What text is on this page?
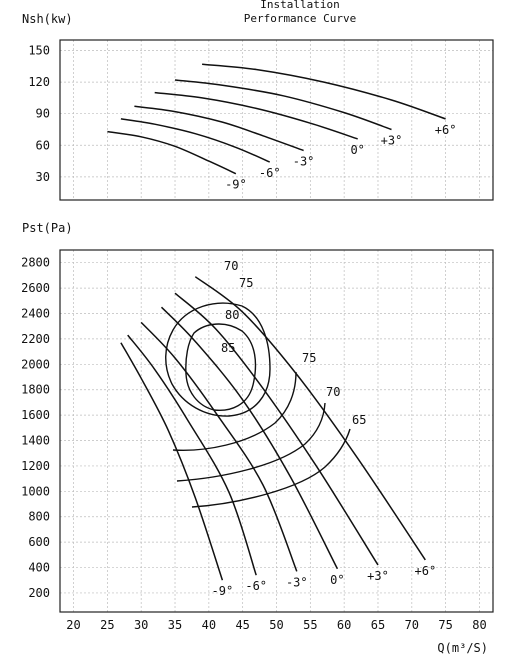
Installation
Performance Curve
Nsh(kw)
30
60
90
120
150
-9°
-6°
-3°
0°
+3°
+6°
Pst(Pa)
200
400
600
800
1000
1200
1400
1600
1800
2000
2200
2400
2600
2800
20 25 30 35 40 45 50 55 60 65 70 75 80
85
80
75
70
75
70
65
-9° -6° -3° 0° +3° +6°
Q(m³/S)
